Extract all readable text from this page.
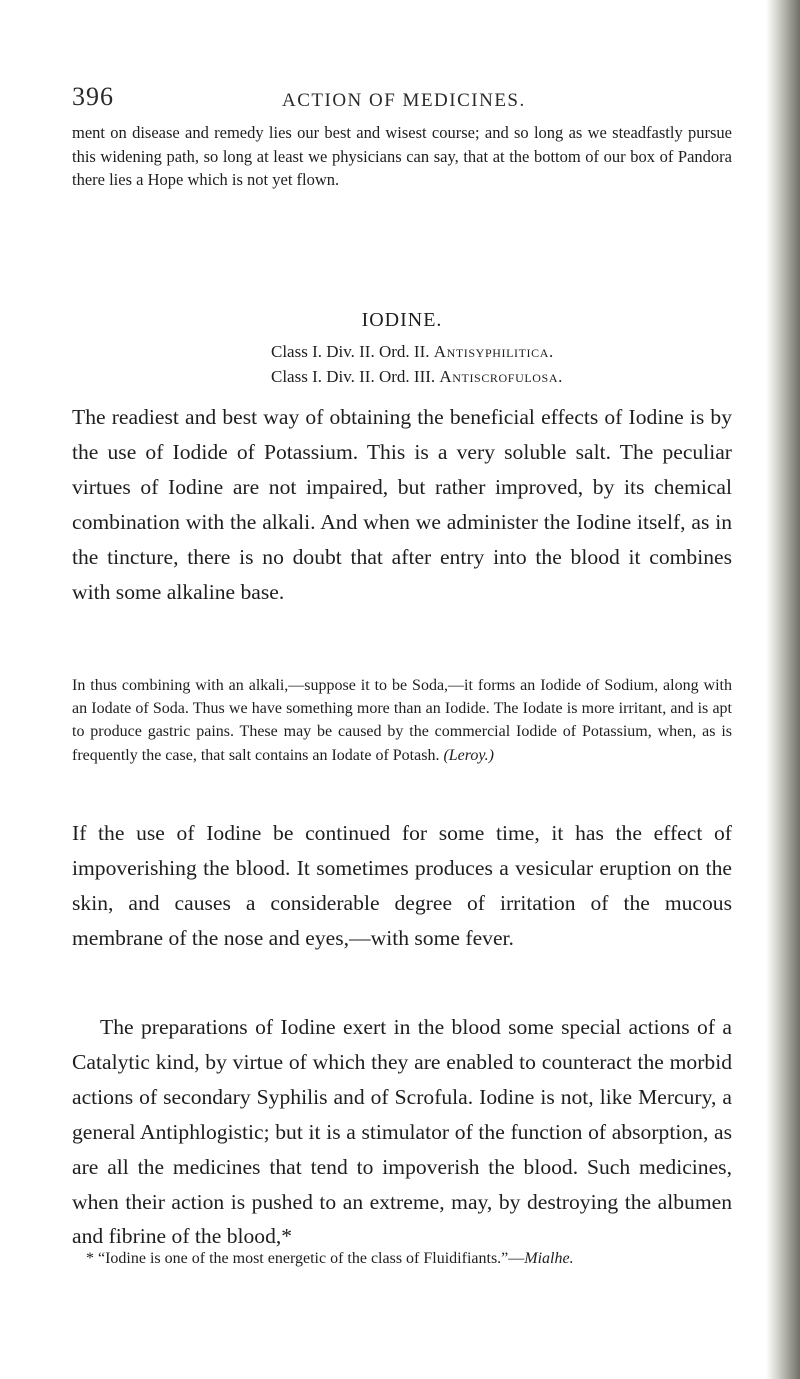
396	ACTION OF MEDICINES.

ment on disease and remedy lies our best and wisest course; and so long as we steadfastly pursue this widening path, so long at least we physicians can say, that at the bottom of our box of Pandora there lies a Hope which is not yet flown.

IODINE.

Class I. Div. II. Ord. II. Antisyphilitica.

Class I. Div. II. Ord. III. Antiscrofulosa.

The readiest and best way of obtaining the beneficial effects of Iodine is by the use of Iodide of Potassium. This is a very soluble salt. The peculiar virtues of Iodine are not impaired, but rather improved, by its chemical combination with the alkali. And when we administer the Iodine itself, as in the tincture, there is no doubt that after entry into the blood it combines with some alkaline base.

In thus combining with an alkali,—suppose it to be Soda,—it forms an Iodide of Sodium, along with an Iodate of Soda. Thus we have something more than an Iodide. The Iodate is more irritant, and is apt to produce gastric pains. These may be caused by the commercial Iodide of Potassium, when, as is frequently the case, that salt contains an Iodate of Potash. (Leroy.)

If the use of Iodine be continued for some time, it has the effect of impoverishing the blood. It sometimes produces a vesicular eruption on the skin, and causes a considerable degree of irritation of the mucous membrane of the nose and eyes,—with some fever.

The preparations of Iodine exert in the blood some special actions of a Catalytic kind, by virtue of which they are enabled to counteract the morbid actions of secondary Syphilis and of Scrofula. Iodine is not, like Mercury, a general Antiphlogistic; but it is a stimulator of the function of absorption, as are all the medicines that tend to impoverish the blood. Such medicines, when their action is pushed to an extreme, may, by destroying the albumen and fibrine of the blood,*

* “Iodine is one of the most energetic of the class of Fluidifiants.”—Mialhe.
